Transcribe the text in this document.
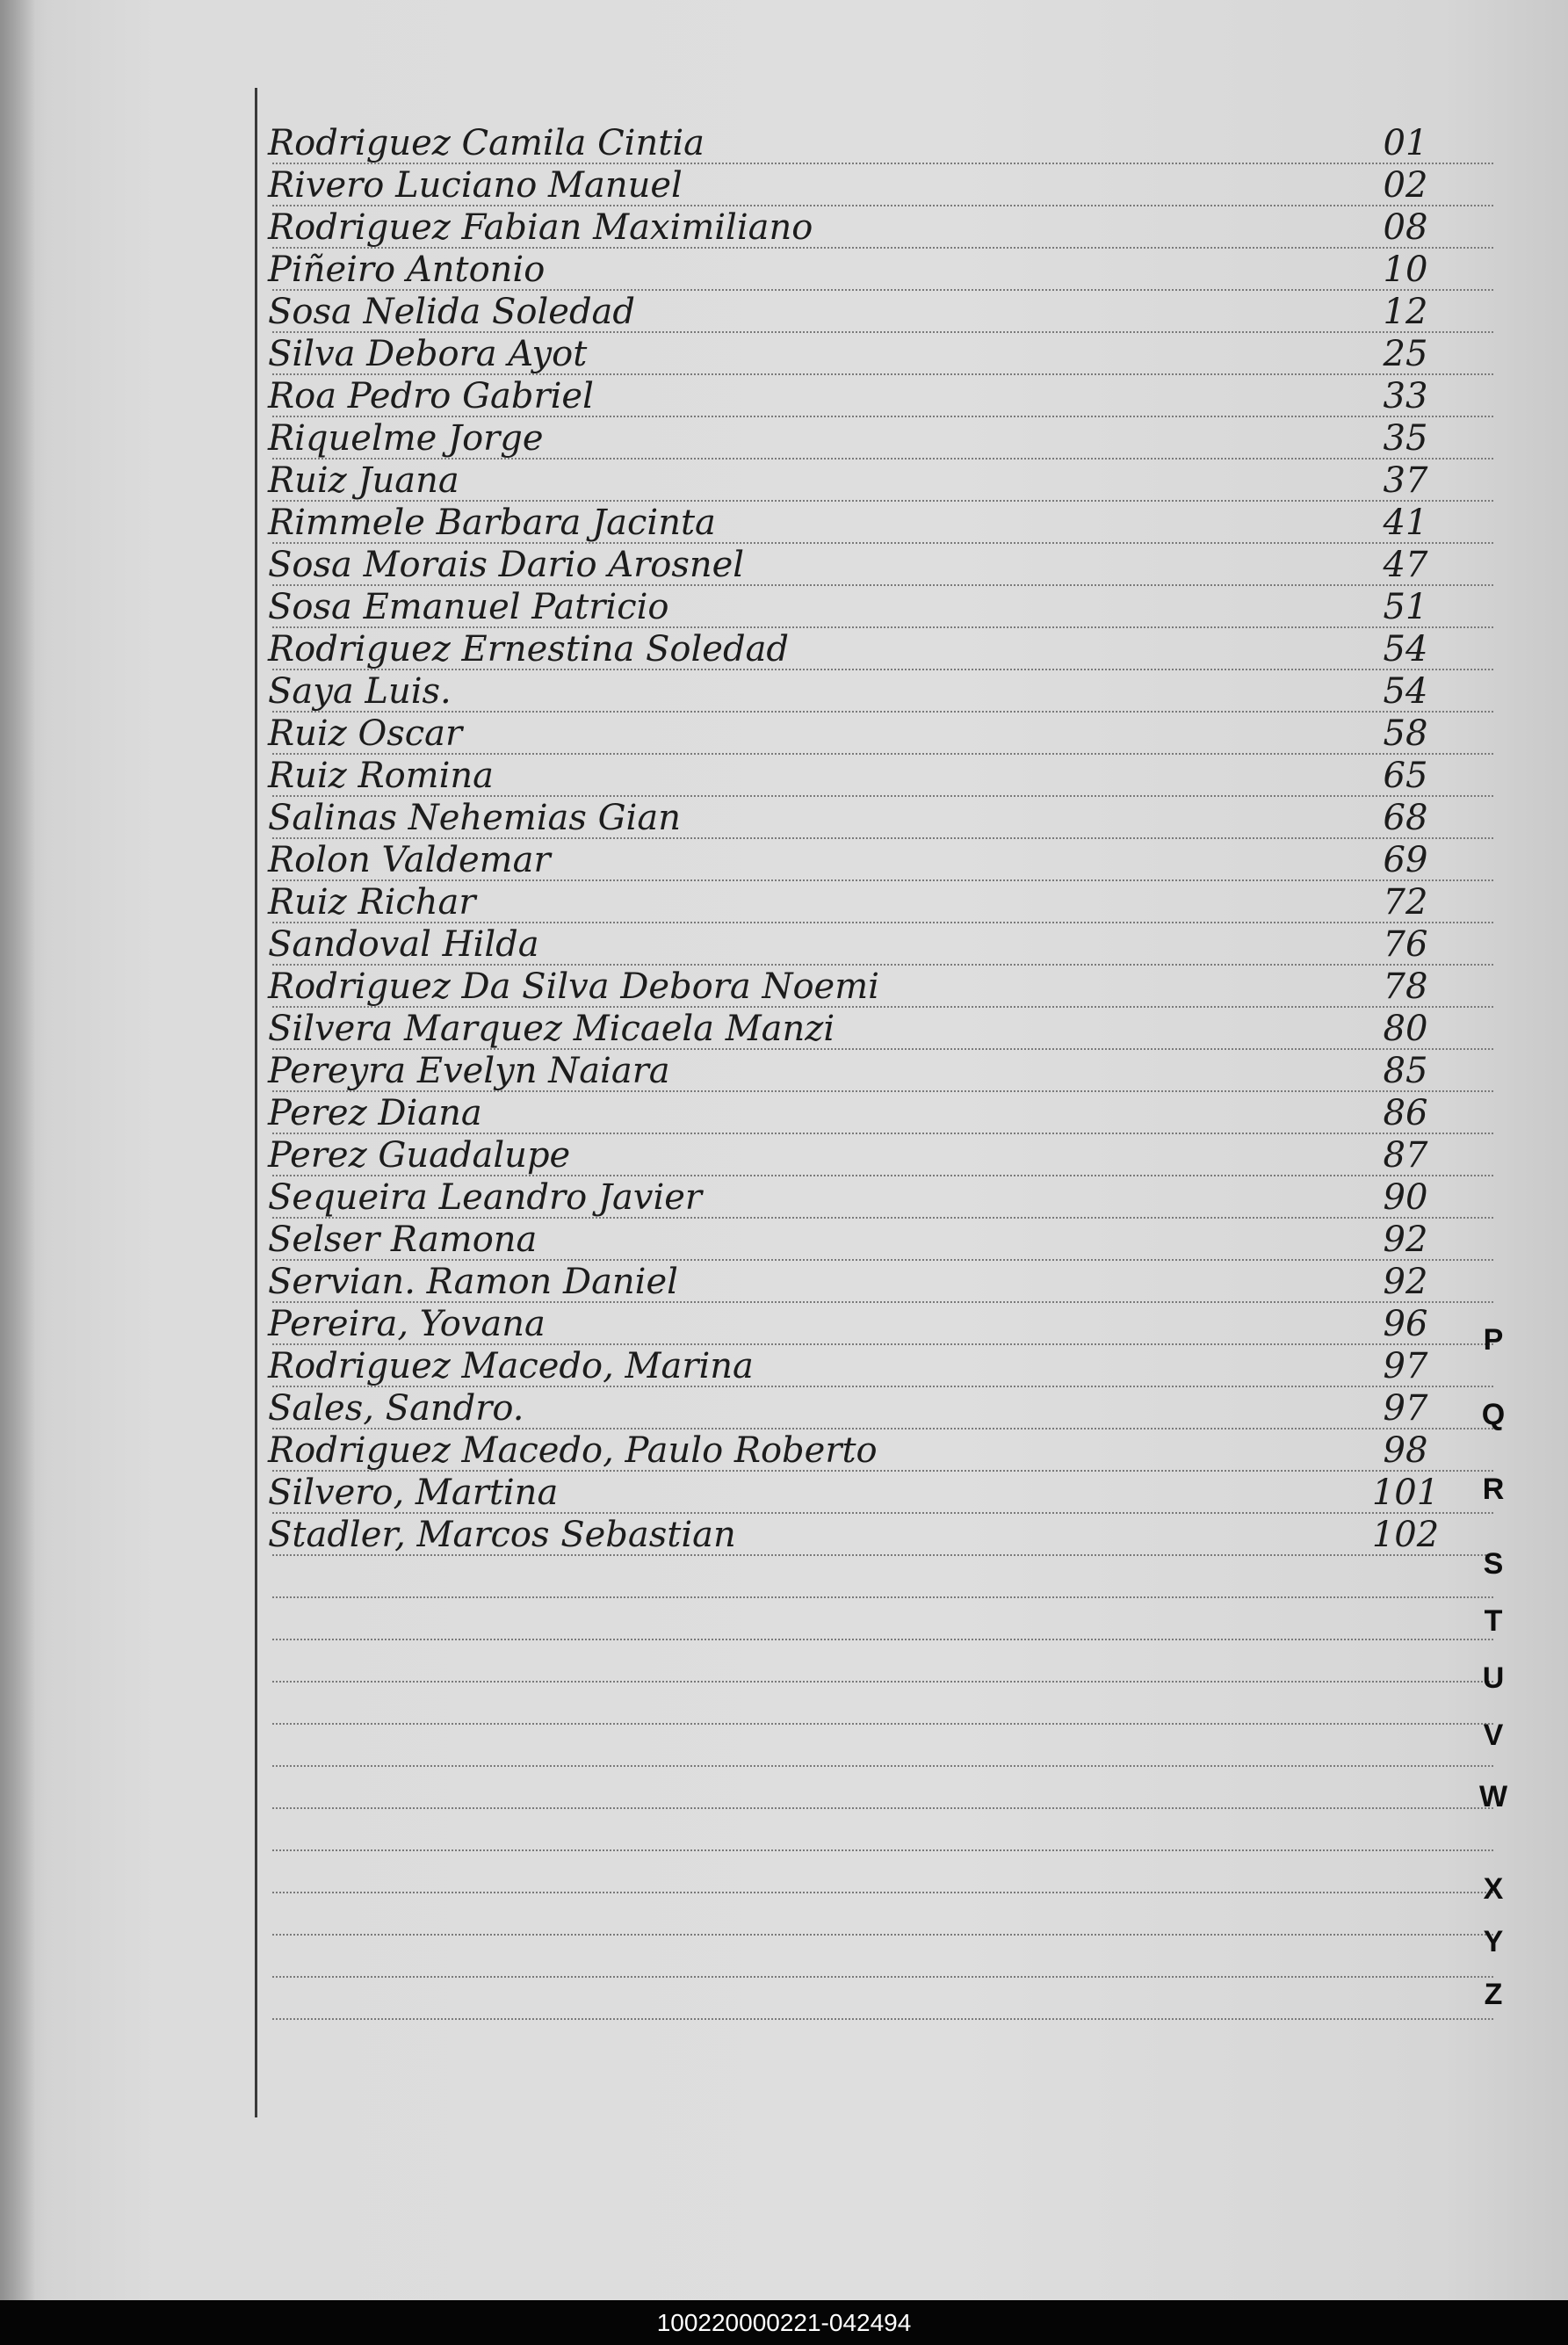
Rodriguez Camila Cintia	01
Rivero Luciano Manuel	02
Rodriguez Fabian Maximiliano	08
Piñeiro Antonio	10
Sosa Nelida Soledad	12
Silva Debora Ayot	25
Roa Pedro Gabriel	33
Riquelme Jorge	35
Ruiz Juana	37
Rimmele Barbara Jacinta	41
Sosa Morais Dario Arosnel	47
Sosa Emanuel Patricio	51
Rodriguez Ernestina Soledad	54
Saya Luis.	54
Ruiz Oscar	58
Ruiz Romina	65
Salinas Nehemias Gian	68
Rolon Valdemar	69
Ruiz Richar	72
Sandoval Hilda	76
Rodriguez Da Silva Debora Noemi	78
Silvera Marquez Micaela Manzi	80
Pereyra Evelyn Naiara	85
Perez Diana	86
Perez Guadalupe	87
Sequeira Leandro Javier	90
Selser Ramona	92
Servian. Ramon Daniel	92
Pereira, Yovana	96
Rodriguez Macedo, Marina	97
Sales, Sandro.	97
Rodriguez Macedo, Paulo Roberto	98
Silvero, Martina	101
Stadler, Marcos Sebastian	102
P
Q
R
S
T
U
V
W
X
Y
Z
100220000221-042494
